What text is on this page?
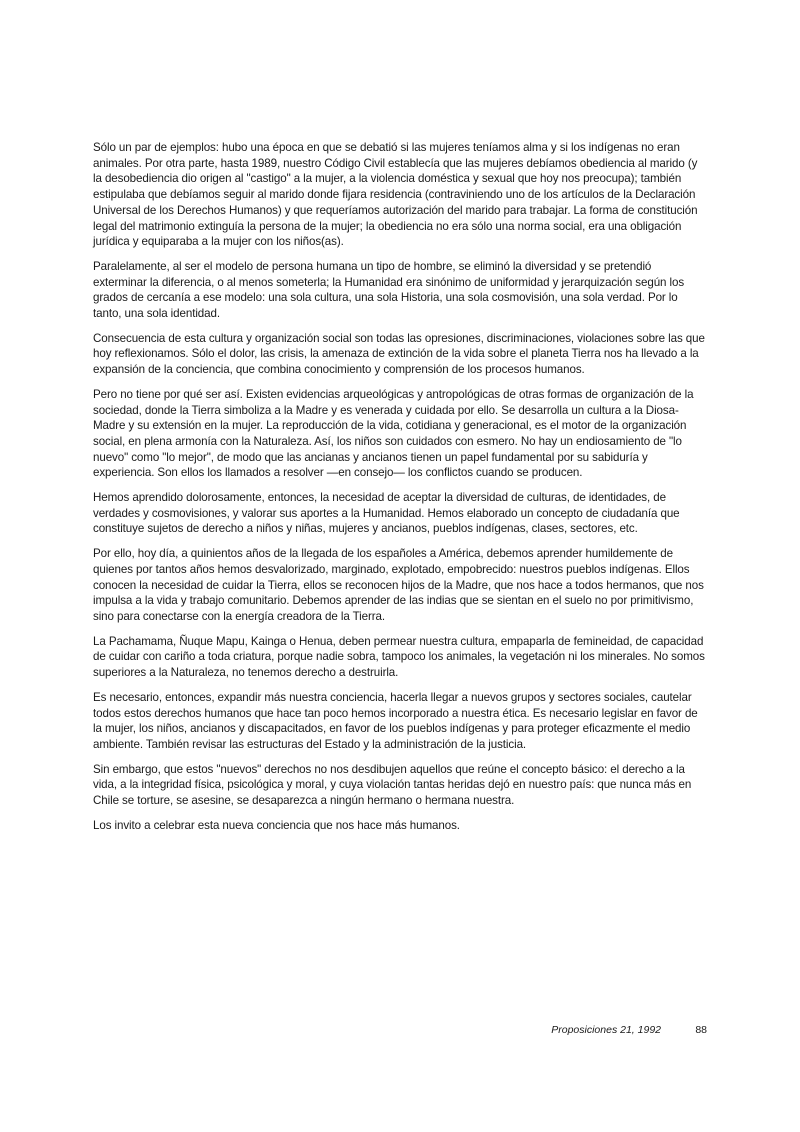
Sólo un par de ejemplos: hubo una época en que se debatió si las mujeres teníamos alma y si los indígenas no eran animales. Por otra parte, hasta 1989, nuestro Código Civil establecía que las mujeres debíamos obediencia al marido (y la desobediencia dio origen al "castigo" a la mujer, a la violencia doméstica y sexual que hoy nos preocupa); también estipulaba que debíamos seguir al marido donde fijara residencia (contraviniendo uno de los artículos de la Declaración Universal de los Derechos Humanos) y que requeríamos autorización del marido para trabajar. La forma de constitución legal del matrimonio extinguía la persona de la mujer; la obediencia no era sólo una norma social, era una obligación jurídica y equiparaba a la mujer con los niños(as).

Paralelamente, al ser el modelo de persona humana un tipo de hombre, se eliminó la diversidad y se pretendió exterminar la diferencia, o al menos someterla; la Humanidad era sinónimo de uniformidad y jerarquización según los grados de cercanía a ese modelo: una sola cultura, una sola Historia, una sola cosmovisión, una sola verdad. Por lo tanto, una sola identidad.

Consecuencia de esta cultura y organización social son todas las opresiones, discriminaciones, violaciones sobre las que hoy reflexionamos. Sólo el dolor, las crisis, la amenaza de extinción de la vida sobre el planeta Tierra nos ha llevado a la expansión de la conciencia, que combina conocimiento y comprensión de los procesos humanos.

Pero no tiene por qué ser así. Existen evidencias arqueológicas y antropológicas de otras formas de organización de la sociedad, donde la Tierra simboliza a la Madre y es venerada y cuidada por ello. Se desarrolla un cultura a la Diosa-Madre y su extensión en la mujer. La reproducción de la vida, cotidiana y generacional, es el motor de la organización social, en plena armonía con la Naturaleza. Así, los niños son cuidados con esmero. No hay un endiosamiento de "lo nuevo" como "lo mejor", de modo que las ancianas y ancianos tienen un papel fundamental por su sabiduría y experiencia. Son ellos los llamados a resolver —en consejo— los conflictos cuando se producen.

Hemos aprendido dolorosamente, entonces, la necesidad de aceptar la diversidad de culturas, de identidades, de verdades y cosmovisiones, y valorar sus aportes a la Humanidad. Hemos elaborado un concepto de ciudadanía que constituye sujetos de derecho a niños y niñas, mujeres y ancianos, pueblos indígenas, clases, sectores, etc.

Por ello, hoy día, a quinientos años de la llegada de los españoles a América, debemos aprender humildemente de quienes por tantos años hemos desvalorizado, marginado, explotado, empobrecido: nuestros pueblos indígenas. Ellos conocen la necesidad de cuidar la Tierra, ellos se reconocen hijos de la Madre, que nos hace a todos hermanos, que nos impulsa a la vida y trabajo comunitario. Debemos aprender de las indias que se sientan en el suelo no por primitivismo, sino para conectarse con la energía creadora de la Tierra.

La Pachamama, Ñuque Mapu, Kainga o Henua, deben permear nuestra cultura, empaparla de femineidad, de capacidad de cuidar con cariño a toda criatura, porque nadie sobra, tampoco los animales, la vegetación ni los minerales. No somos superiores a la Naturaleza, no tenemos derecho a destruirla.

Es necesario, entonces, expandir más nuestra conciencia, hacerla llegar a nuevos grupos y sectores sociales, cautelar todos estos derechos humanos que hace tan poco hemos incorporado a nuestra ética. Es necesario legislar en favor de la mujer, los niños, ancianos y discapacitados, en favor de los pueblos indígenas y para proteger eficazmente el medio ambiente. También revisar las estructuras del Estado y la administración de la justicia.

Sin embargo, que estos "nuevos" derechos no nos desdibujen aquellos que reúne el concepto básico: el derecho a la vida, a la integridad física, psicológica y moral, y cuya violación tantas heridas dejó en nuestro país: que nunca más en Chile se torture, se asesine, se desaparezca a ningún hermano o hermana nuestra.

Los invito a celebrar esta nueva conciencia que nos hace más humanos.

Proposiciones 21, 1992	88
